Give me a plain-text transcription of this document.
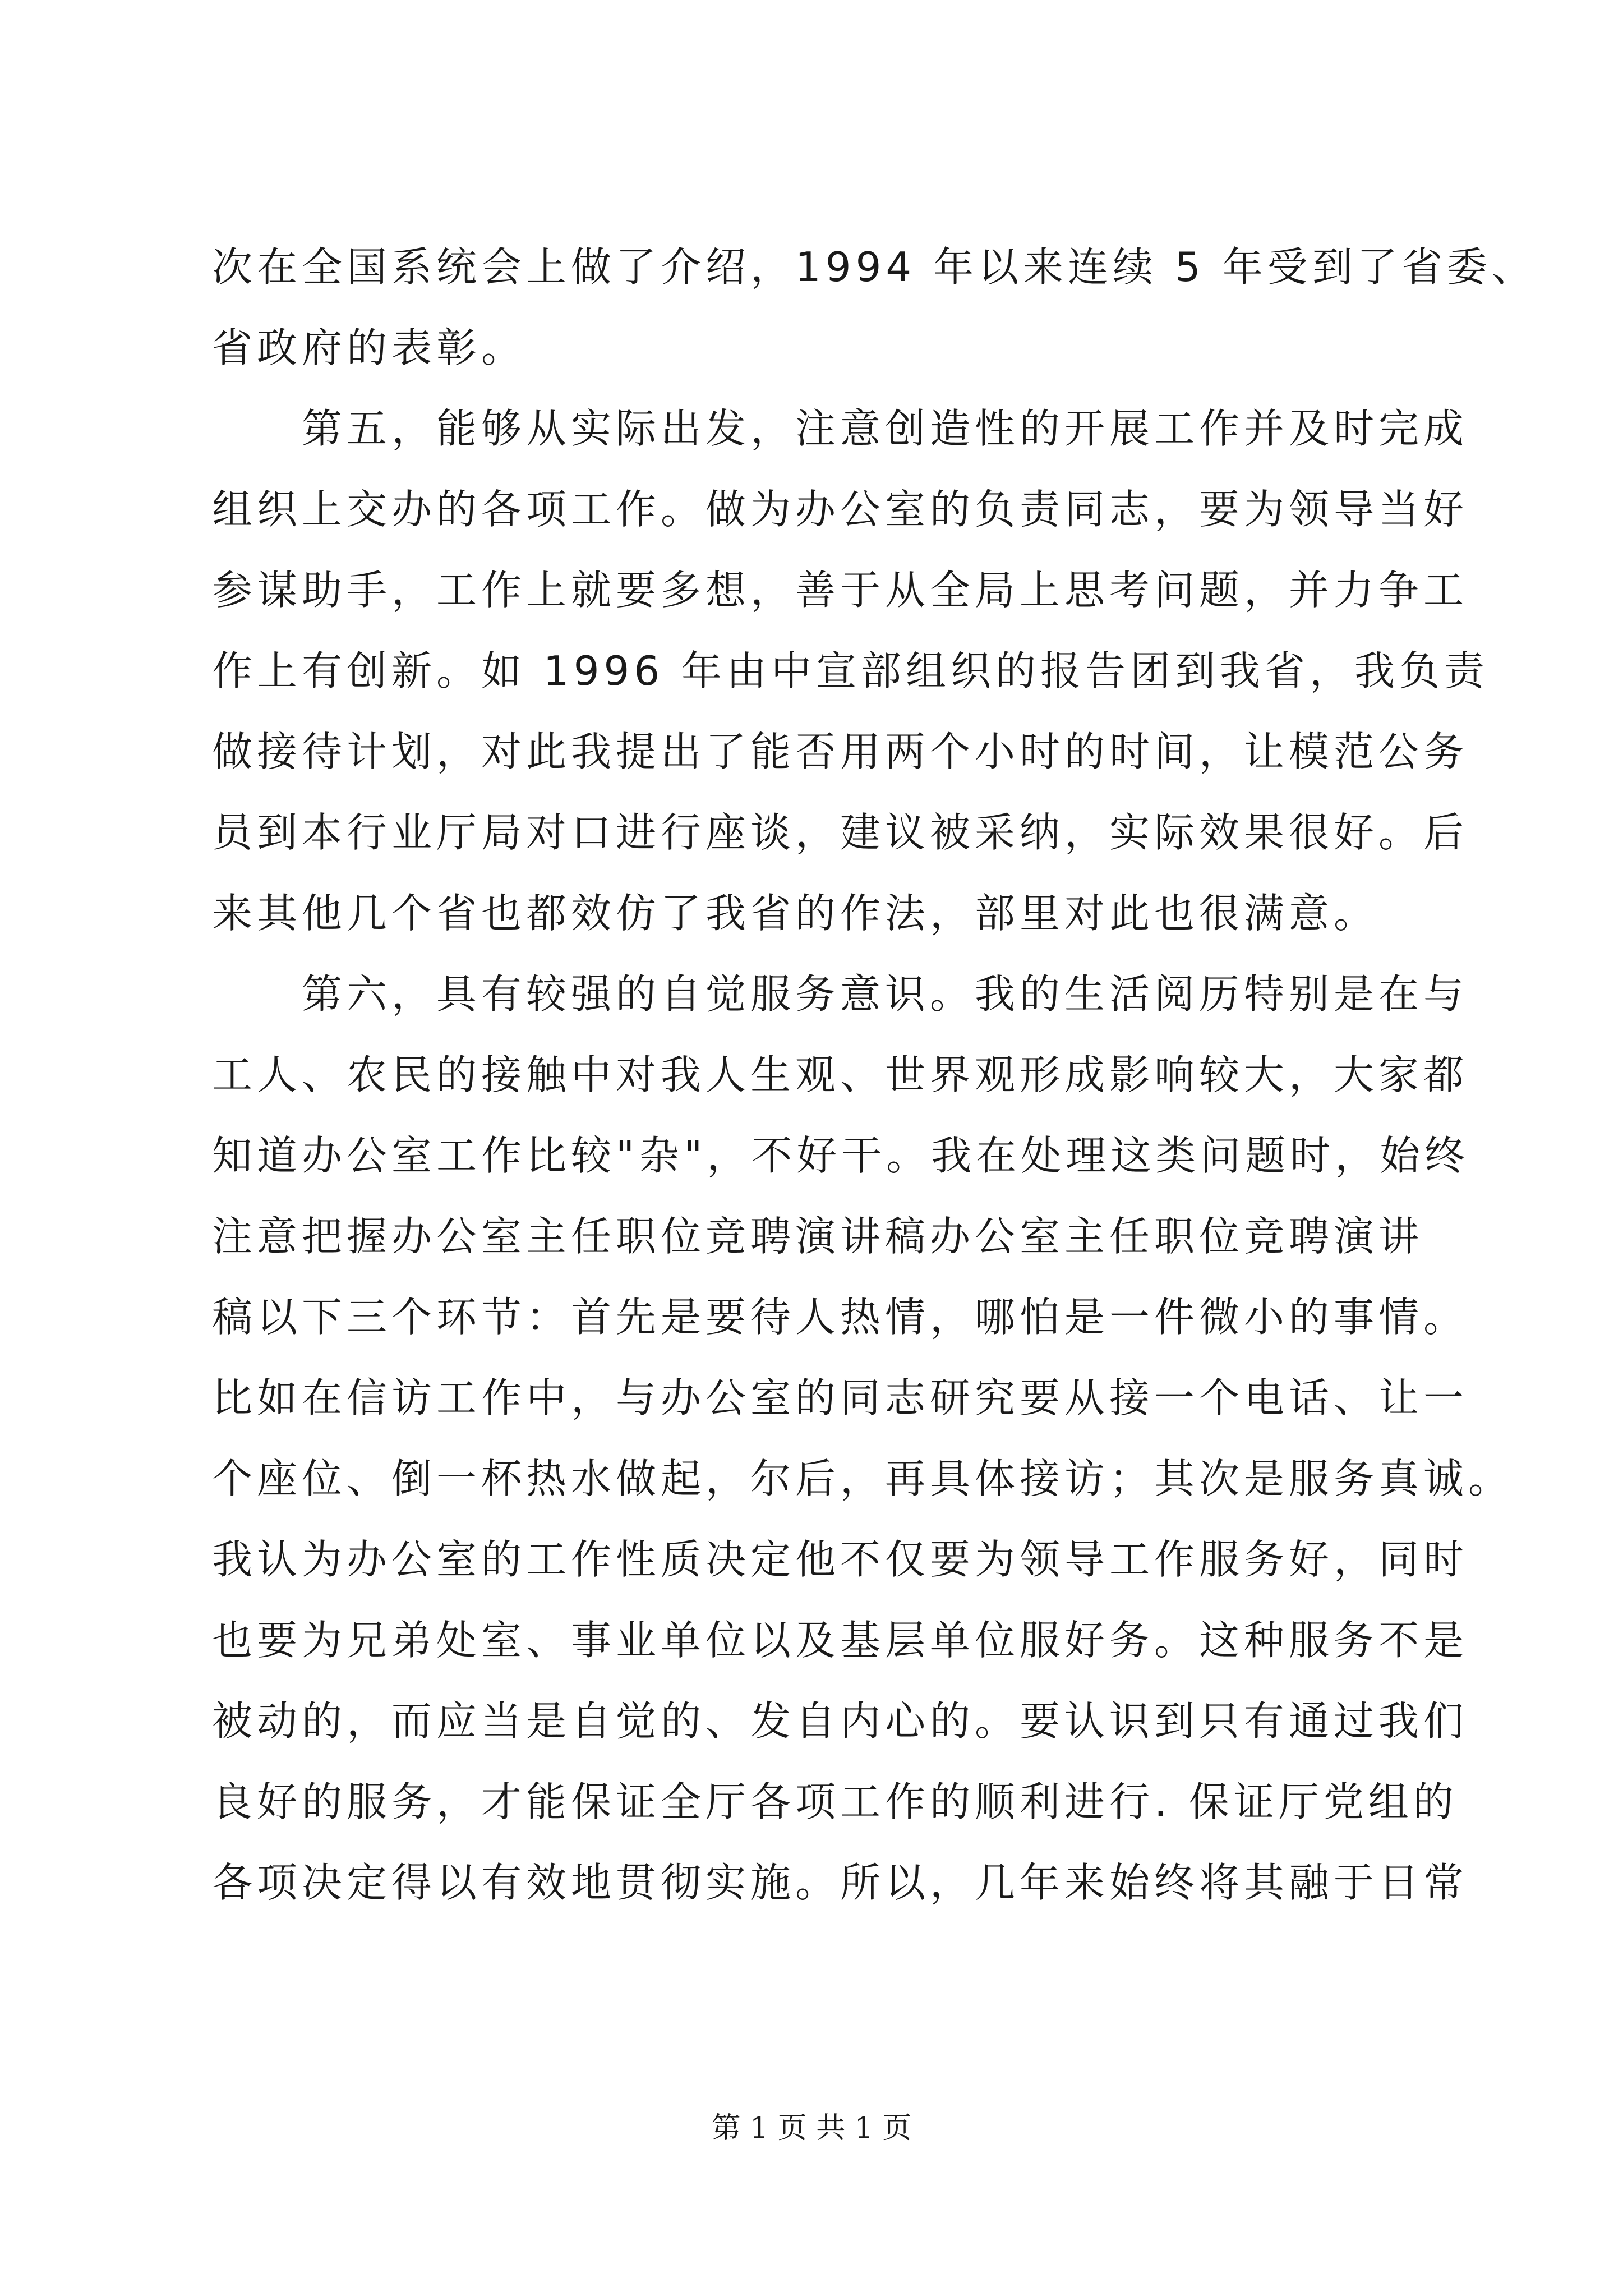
次在全国系统会上做了介绍，1994 年以来连续 5 年受到了省委、
省政府的表彰。
　　第五，能够从实际出发，注意创造性的开展工作并及时完成
组织上交办的各项工作。做为办公室的负责同志，要为领导当好
参谋助手，工作上就要多想，善于从全局上思考问题，并力争工
作上有创新。如 1996 年由中宣部组织的报告团到我省，我负责
做接待计划，对此我提出了能否用两个小时的时间，让模范公务
员到本行业厅局对口进行座谈，建议被采纳，实际效果很好。后
来其他几个省也都效仿了我省的作法，部里对此也很满意。
　　第六，具有较强的自觉服务意识。我的生活阅历特别是在与
工人、农民的接触中对我人生观、世界观形成影响较大，大家都
知道办公室工作比较"杂"，不好干。我在处理这类问题时，始终
注意把握办公室主任职位竞聘演讲稿办公室主任职位竞聘演讲
稿以下三个环节：首先是要待人热情，哪怕是一件微小的事情。
比如在信访工作中，与办公室的同志研究要从接一个电话、让一
个座位、倒一杯热水做起，尔后，再具体接访；其次是服务真诚。
我认为办公室的工作性质决定他不仅要为领导工作服务好，同时
也要为兄弟处室、事业单位以及基层单位服好务。这种服务不是
被动的，而应当是自觉的、发自内心的。要认识到只有通过我们
良好的服务，才能保证全厅各项工作的顺利进行. 保证厅党组的
各项决定得以有效地贯彻实施。所以，几年来始终将其融于日常
第 1 页 共 1 页
